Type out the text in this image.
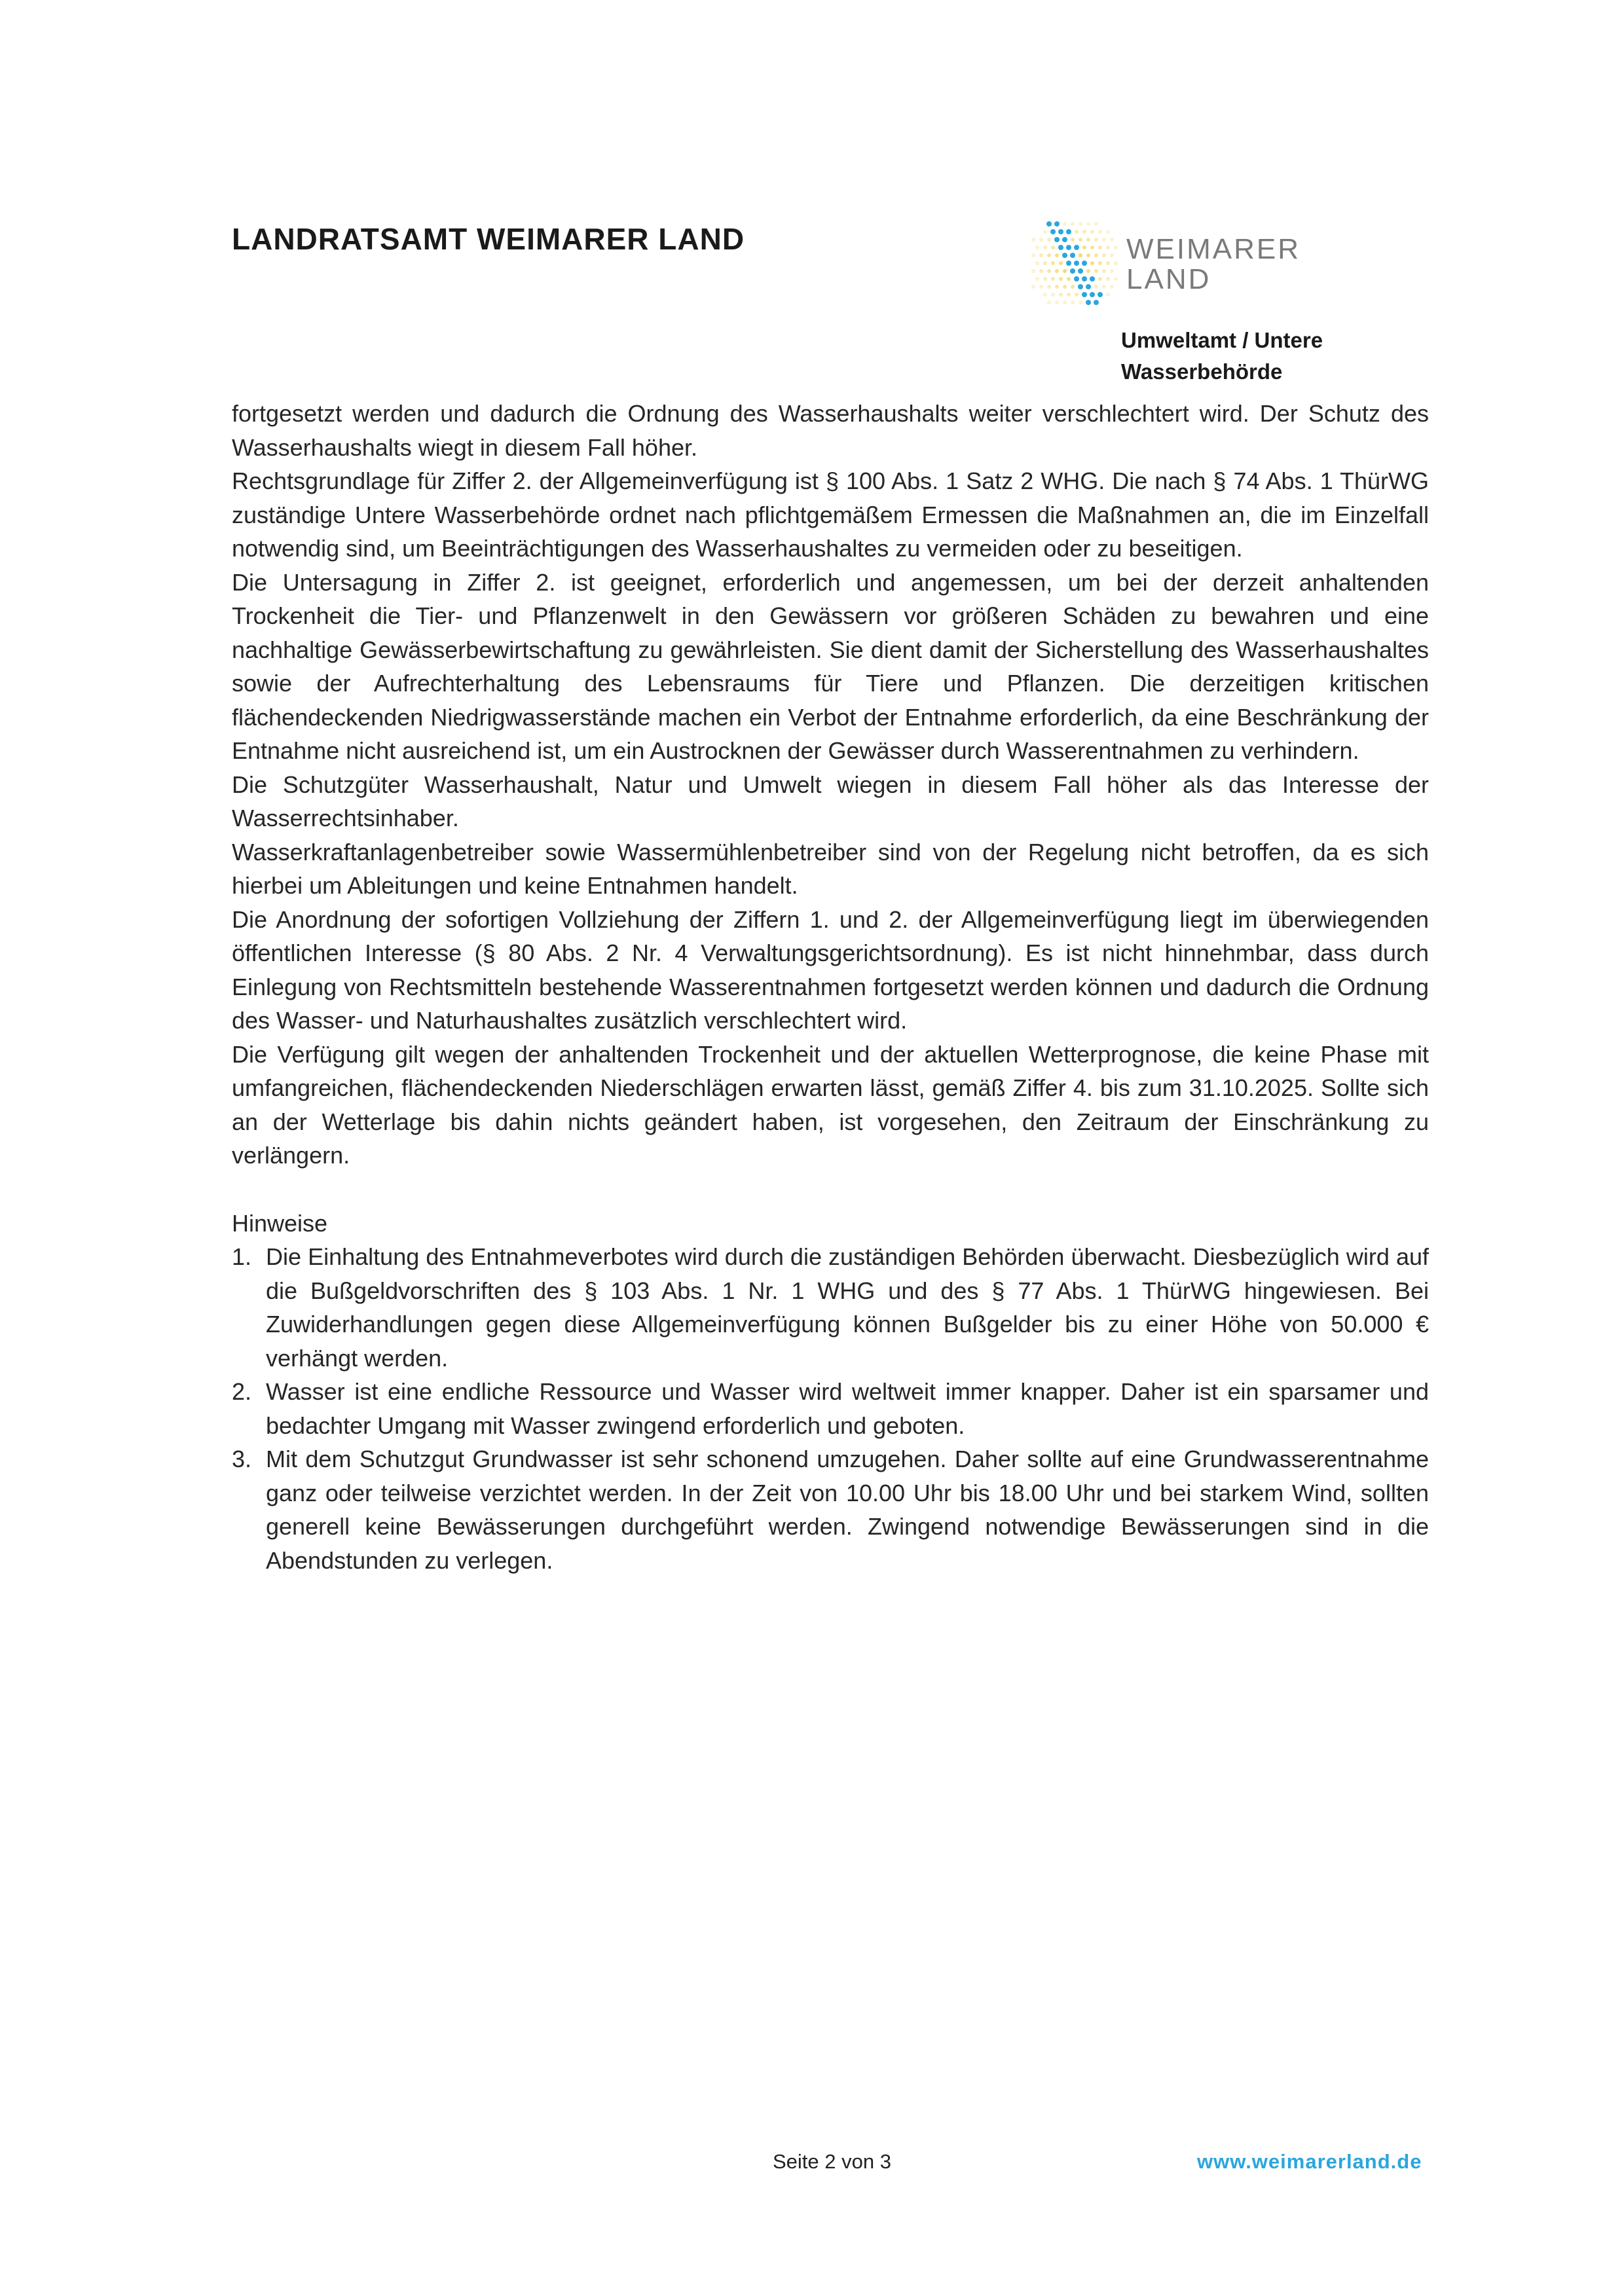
LANDRATSAMT WEIMARER LAND	WEIMARER
LAND
Umweltamt / Untere
Wasserbehörde

fortgesetzt werden und dadurch die Ordnung des Wasserhaushalts weiter verschlechtert wird. Der Schutz des Wasserhaushalts wiegt in diesem Fall höher.

Rechtsgrundlage für Ziffer 2. der Allgemeinverfügung ist § 100 Abs. 1 Satz 2 WHG. Die nach § 74 Abs. 1 ThürWG zuständige Untere Wasserbehörde ordnet nach pflichtgemäßem Ermessen die Maßnahmen an, die im Einzelfall notwendig sind, um Beeinträchtigungen des Wasserhaushaltes zu vermeiden oder zu beseitigen.

Die Untersagung in Ziffer 2. ist geeignet, erforderlich und angemessen, um bei der derzeit anhaltenden Trockenheit die Tier- und Pflanzenwelt in den Gewässern vor größeren Schäden zu bewahren und eine nachhaltige Gewässerbewirtschaftung zu gewährleisten. Sie dient damit der Sicherstellung des Wasserhaushaltes sowie der Aufrechterhaltung des Lebensraums für Tiere und Pflanzen. Die derzeitigen kritischen flächendeckenden Niedrigwasserstände machen ein Verbot der Entnahme erforderlich, da eine Beschränkung der Entnahme nicht ausreichend ist, um ein Austrocknen der Gewässer durch Wasserentnahmen zu verhindern.

Die Schutzgüter Wasserhaushalt, Natur und Umwelt wiegen in diesem Fall höher als das Interesse der Wasserrechtsinhaber.

Wasserkraftanlagenbetreiber sowie Wassermühlenbetreiber sind von der Regelung nicht betroffen, da es sich hierbei um Ableitungen und keine Entnahmen handelt.

Die Anordnung der sofortigen Vollziehung der Ziffern 1. und 2. der Allgemeinverfügung liegt im überwiegenden öffentlichen Interesse (§ 80 Abs. 2 Nr. 4 Verwaltungsgerichtsordnung). Es ist nicht hinnehmbar, dass durch Einlegung von Rechtsmitteln bestehende Wasserentnahmen fortgesetzt werden können und dadurch die Ordnung des Wasser- und Naturhaushaltes zusätzlich verschlechtert wird.

Die Verfügung gilt wegen der anhaltenden Trockenheit und der aktuellen Wetterprognose, die keine Phase mit umfangreichen, flächendeckenden Niederschlägen erwarten lässt, gemäß Ziffer 4. bis zum 31.10.2025. Sollte sich an der Wetterlage bis dahin nichts geändert haben, ist vorgesehen, den Zeitraum der Einschränkung zu verlängern.

Hinweise

1. Die Einhaltung des Entnahmeverbotes wird durch die zuständigen Behörden überwacht. Diesbezüglich wird auf die Bußgeldvorschriften des § 103 Abs. 1 Nr. 1 WHG und des § 77 Abs. 1 ThürWG hingewiesen. Bei Zuwiderhandlungen gegen diese Allgemeinverfügung können Bußgelder bis zu einer Höhe von 50.000 € verhängt werden.
2. Wasser ist eine endliche Ressource und Wasser wird weltweit immer knapper. Daher ist ein sparsamer und bedachter Umgang mit Wasser zwingend erforderlich und geboten.
3. Mit dem Schutzgut Grundwasser ist sehr schonend umzugehen. Daher sollte auf eine Grundwasserentnahme ganz oder teilweise verzichtet werden. In der Zeit von 10.00 Uhr bis 18.00 Uhr und bei starkem Wind, sollten generell keine Bewässerungen durchgeführt werden. Zwingend notwendige Bewässerungen sind in die Abendstunden zu verlegen.
Seite 2 von 3	www.weimarerland.de
